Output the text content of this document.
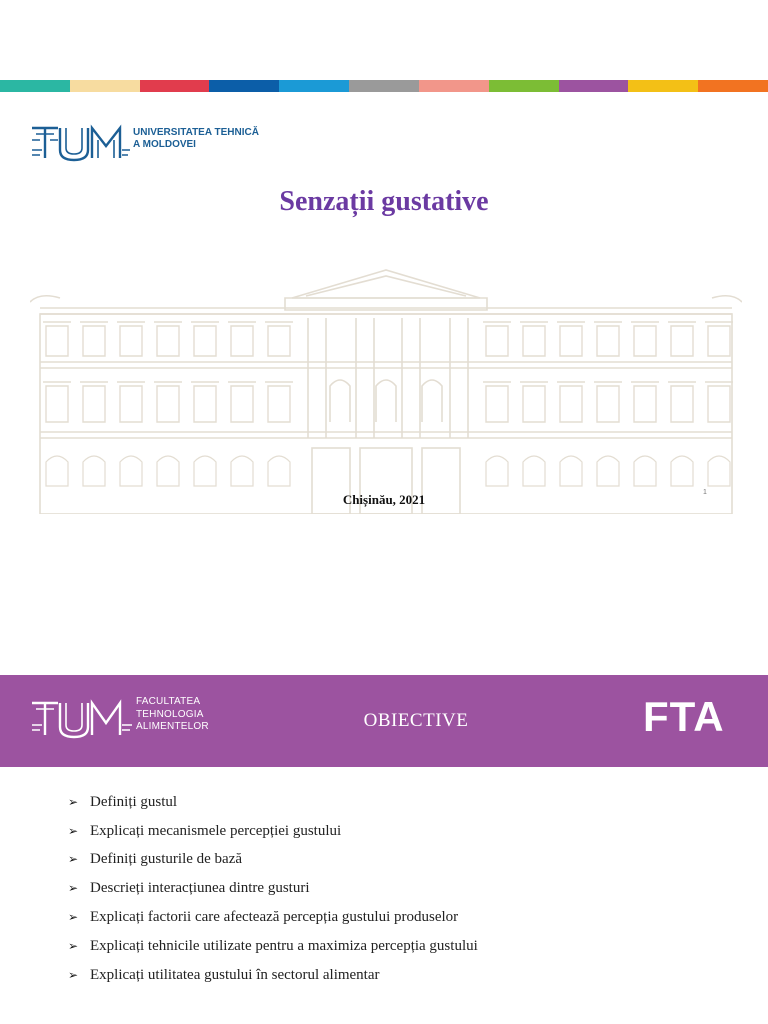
UNIVERSITATEA TEHNICĂ
A MOLDOVEI
Senzații gustative
Chișinău, 2021	1
FACULTATEA
TEHNOLOGIA
ALIMENTELOR	OBIECTIVE	FTA
➢ Definiți gustul
➢ Explicați mecanismele percepției gustului
➢ Definiți gusturile de bază
➢ Descrieți interacțiunea dintre gusturi
➢ Explicați factorii care afectează percepția gustului produselor
➢ Explicați tehnicile utilizate pentru a maximiza percepția gustului
➢ Explicați utilitatea gustului în sectorul alimentar
